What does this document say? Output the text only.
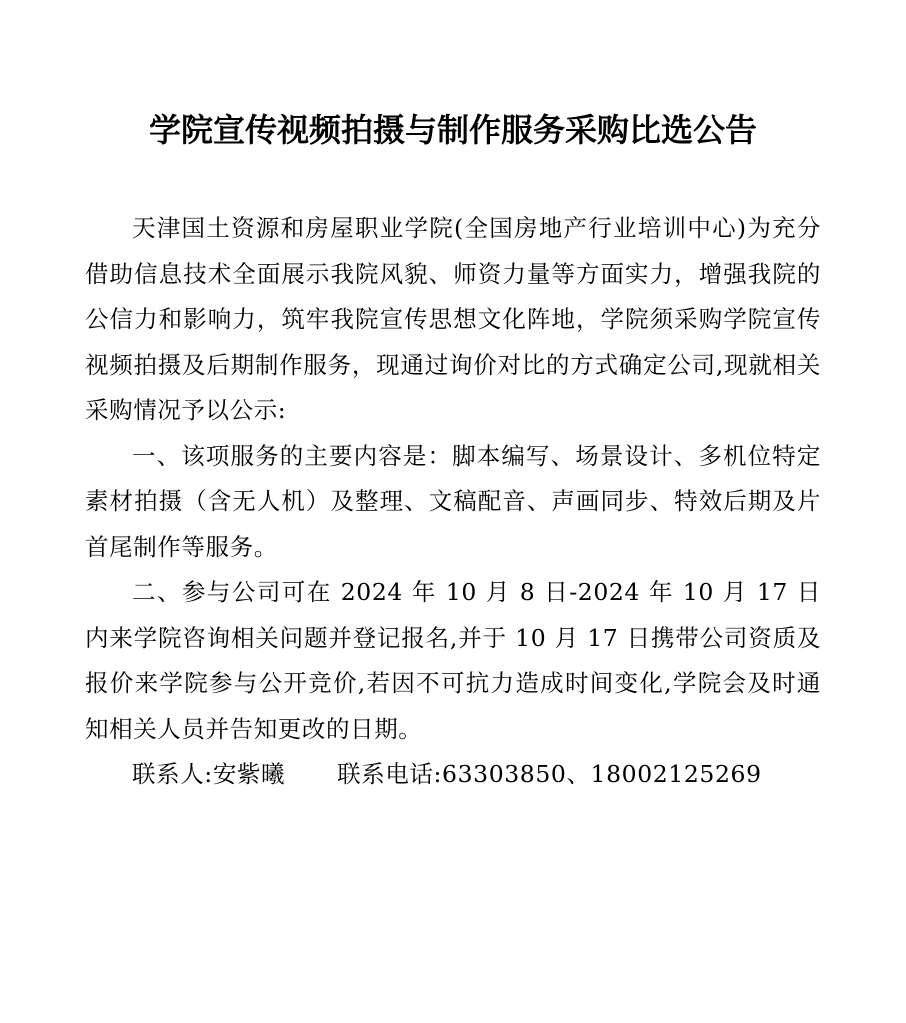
学院宣传视频拍摄与制作服务采购比选公告

天津国土资源和房屋职业学院(全国房地产行业培训中心)为充分借助信息技术全面展示我院风貌、师资力量等方面实力，增强我院的公信力和影响力，筑牢我院宣传思想文化阵地，学院须采购学院宣传视频拍摄及后期制作服务，现通过询价对比的方式确定公司,现就相关采购情况予以公示:

一、该项服务的主要内容是：脚本编写、场景设计、多机位特定素材拍摄（含无人机）及整理、文稿配音、声画同步、特效后期及片首尾制作等服务。

二、参与公司可在 2024 年 10 月 8 日-2024 年 10 月 17 日内来学院咨询相关问题并登记报名,并于 10 月 17 日携带公司资质及报价来学院参与公开竞价,若因不可抗力造成时间变化,学院会及时通知相关人员并告知更改的日期。

联系人:安紫曦 联系电话:63303850、18002125269
